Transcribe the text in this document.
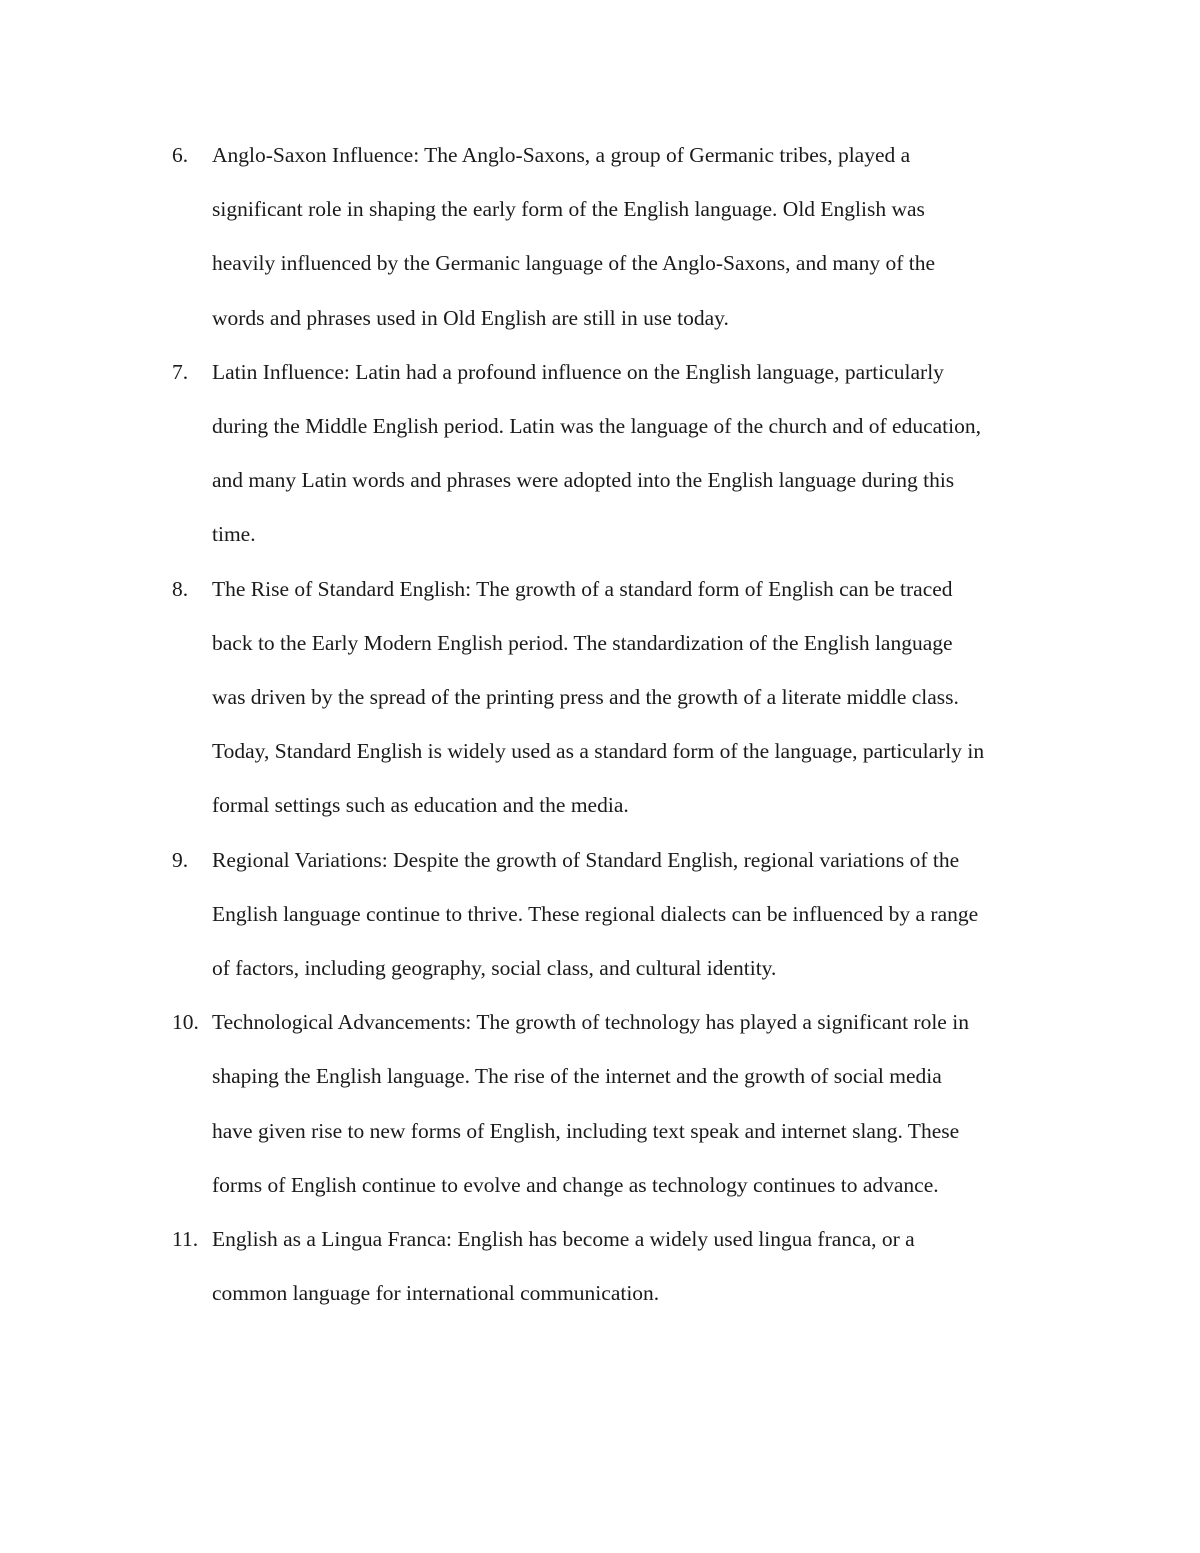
6.	Anglo-Saxon Influence: The Anglo-Saxons, a group of Germanic tribes, played a
significant role in shaping the early form of the English language. Old English was
heavily influenced by the Germanic language of the Anglo-Saxons, and many of the
words and phrases used in Old English are still in use today.
7.	Latin Influence: Latin had a profound influence on the English language, particularly
during the Middle English period. Latin was the language of the church and of education,
and many Latin words and phrases were adopted into the English language during this
time.
8.	The Rise of Standard English: The growth of a standard form of English can be traced
back to the Early Modern English period. The standardization of the English language
was driven by the spread of the printing press and the growth of a literate middle class.
Today, Standard English is widely used as a standard form of the language, particularly in
formal settings such as education and the media.
9.	Regional Variations: Despite the growth of Standard English, regional variations of the
English language continue to thrive. These regional dialects can be influenced by a range
of factors, including geography, social class, and cultural identity.
10. Technological Advancements: The growth of technology has played a significant role in
shaping the English language. The rise of the internet and the growth of social media
have given rise to new forms of English, including text speak and internet slang. These
forms of English continue to evolve and change as technology continues to advance.
11. English as a Lingua Franca: English has become a widely used lingua franca, or a
common language for international communication.
